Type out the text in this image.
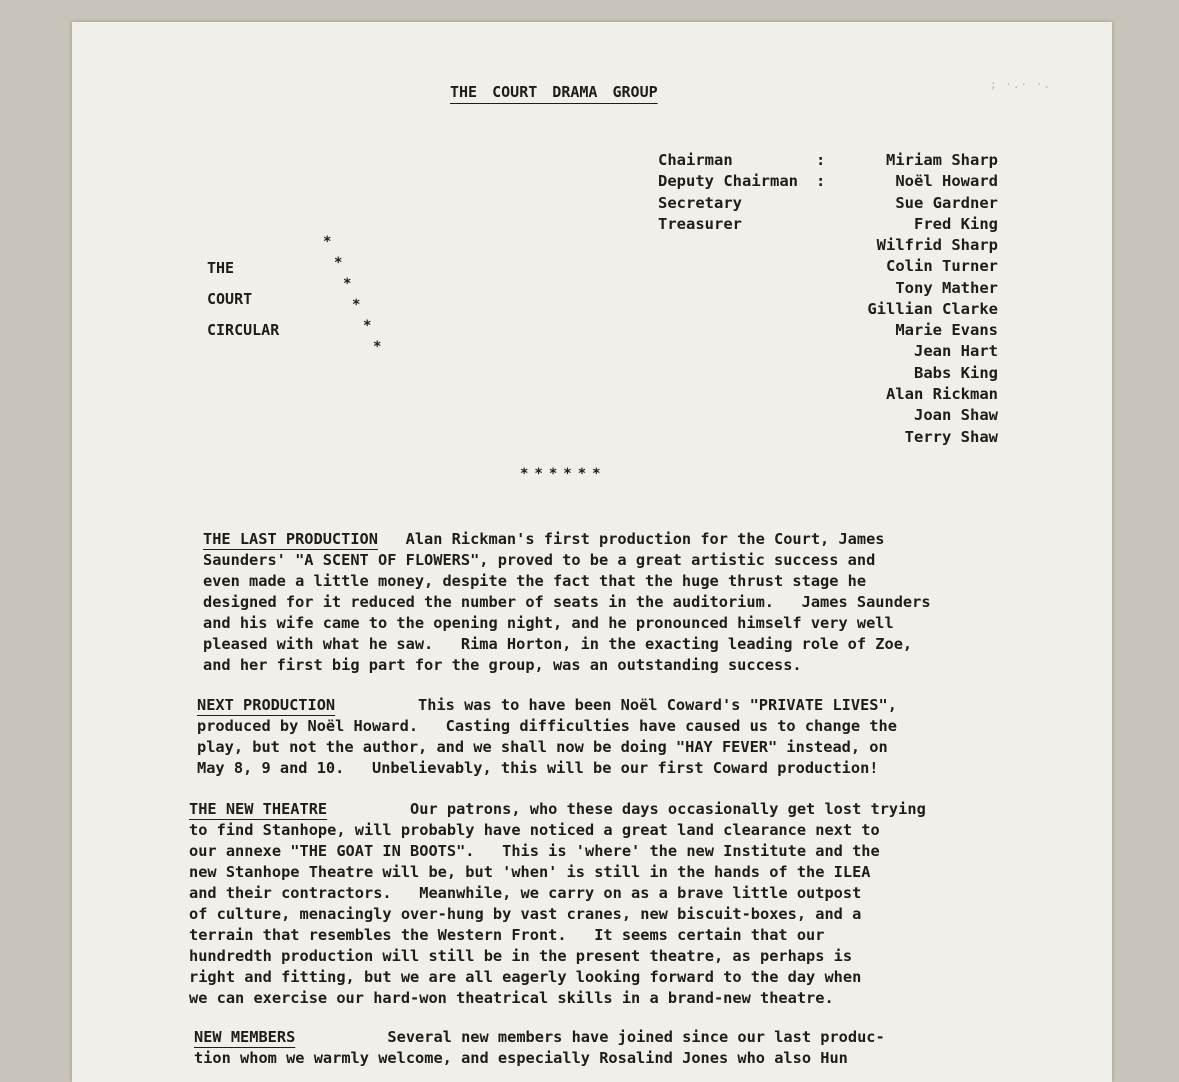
; ·.· ·.
THE COURT DRAMA GROUP
Chairman	:	Miriam Sharp
Deputy Chairman	:	Noël Howard
Secretary	Sue Gardner
Treasurer	Fred King
Wilfrid Sharp
Colin Turner
Tony Mather
Gillian Clarke
Marie Evans
Jean Hart
Babs King
Alan Rickman
Joan Shaw
Terry Shaw
THE
COURT
CIRCULAR
*
*
*
*
*
*
******
THE LAST PRODUCTION   Alan Rickman's first production for the Court, James
Saunders' "A SCENT OF FLOWERS", proved to be a great artistic success and
even made a little money, despite the fact that the huge thrust stage he
designed for it reduced the number of seats in the auditorium.   James Saunders
and his wife came to the opening night, and he pronounced himself very well
pleased with what he saw.   Rima Horton, in the exacting leading role of Zoe,
and her first big part for the group, was an outstanding success.
NEXT PRODUCTION         This was to have been Noël Coward's "PRIVATE LIVES",
produced by Noël Howard.   Casting difficulties have caused us to change the
play, but not the author, and we shall now be doing "HAY FEVER" instead, on
May 8, 9 and 10.   Unbelievably, this will be our first Coward production!
THE NEW THEATRE         Our patrons, who these days occasionally get lost trying
to find Stanhope, will probably have noticed a great land clearance next to
our annexe "THE GOAT IN BOOTS".   This is 'where' the new Institute and the
new Stanhope Theatre will be, but 'when' is still in the hands of the ILEA
and their contractors.   Meanwhile, we carry on as a brave little outpost
of culture, menacingly over-hung by vast cranes, new biscuit-boxes, and a
terrain that resembles the Western Front.   It seems certain that our
hundredth production will still be in the present theatre, as perhaps is
right and fitting, but we are all eagerly looking forward to the day when
we can exercise our hard-won theatrical skills in a brand-new theatre.
NEW MEMBERS          Several new members have joined since our last produc-
tion whom we warmly welcome, and especially Rosalind Jones who also Hun
